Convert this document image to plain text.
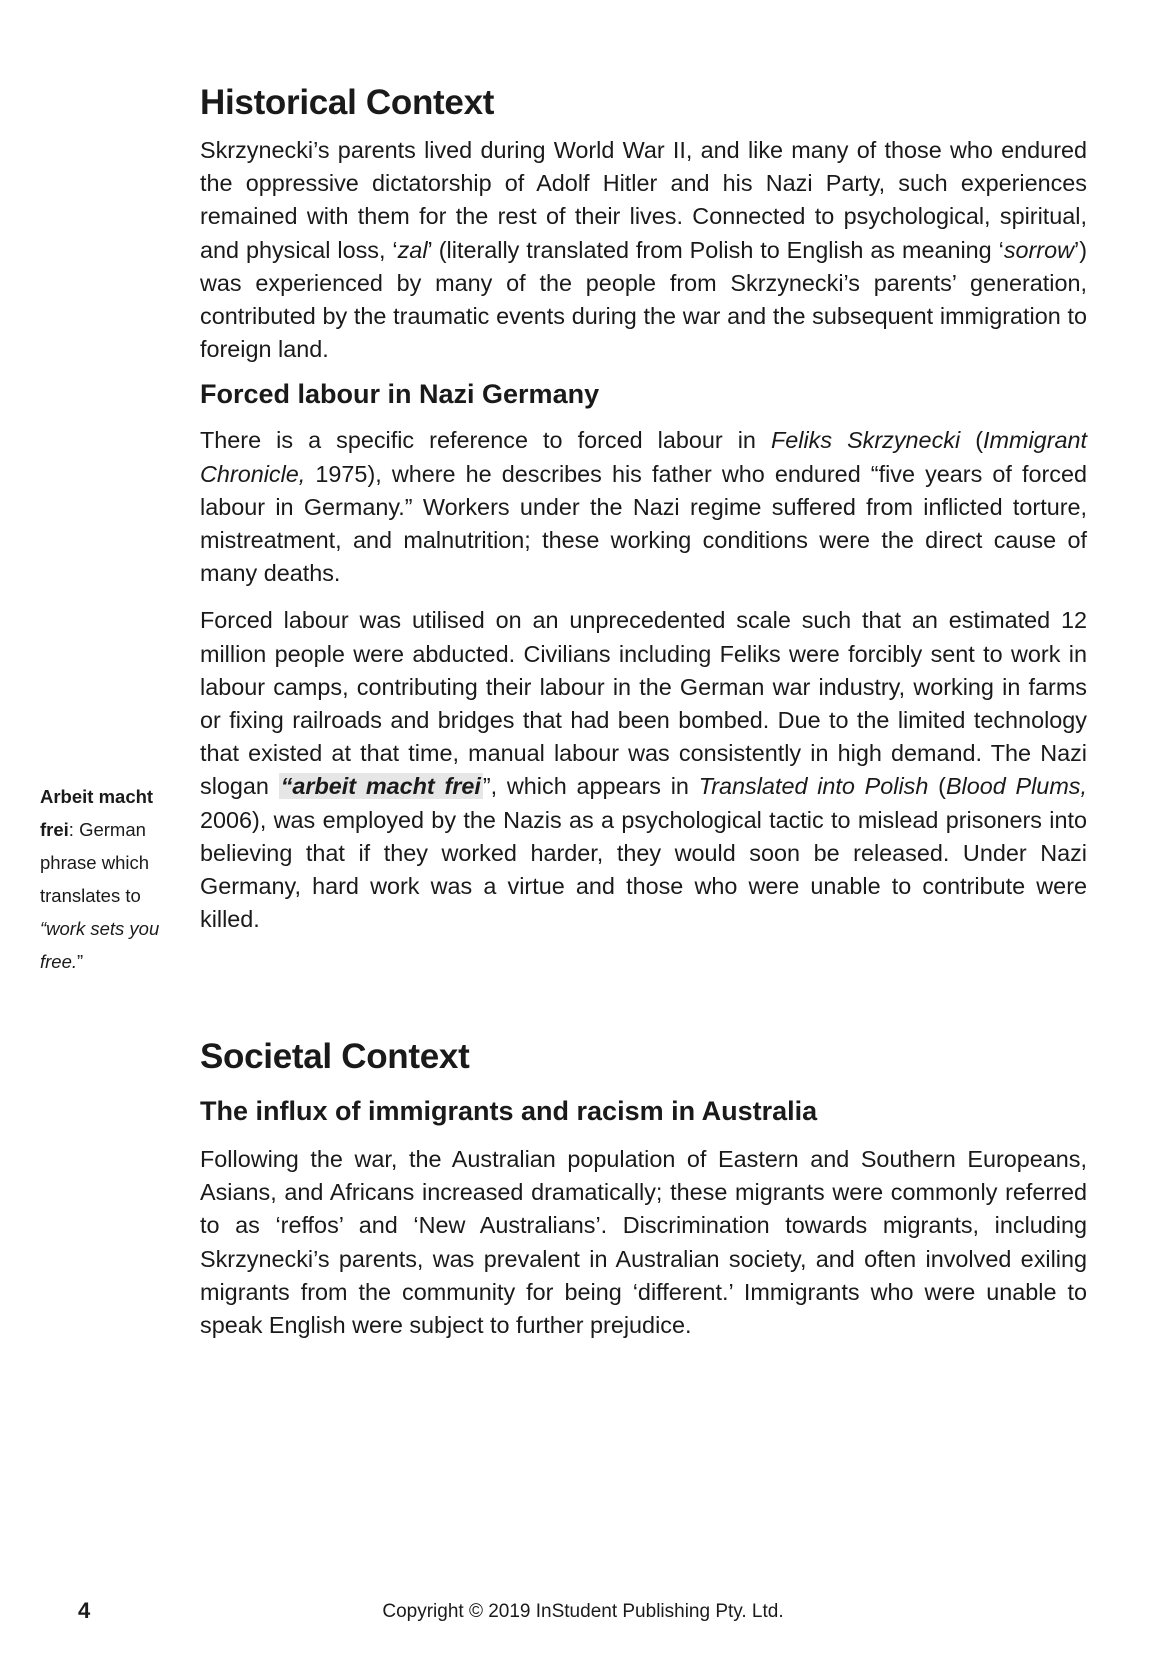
Historical Context

Skrzynecki’s parents lived during World War II, and like many of those who endured the oppressive dictatorship of Adolf Hitler and his Nazi Party, such experiences remained with them for the rest of their lives. Connected to psychological, spiritual, and physical loss, ‘zal’ (literally translated from Polish to English as meaning ‘sorrow’) was experienced by many of the people from Skrzynecki’s parents’ generation, contributed by the traumatic events during the war and the subsequent immigration to foreign land.

Forced labour in Nazi Germany

There is a specific reference to forced labour in Feliks Skrzynecki (Immigrant Chronicle, 1975), where he describes his father who endured “five years of forced labour in Germany.” Workers under the Nazi regime suffered from inflicted torture, mistreatment, and malnutrition; these working conditions were the direct cause of many deaths.

Forced labour was utilised on an unprecedented scale such that an estimated 12 million people were abducted. Civilians including Feliks were forcibly sent to work in labour camps, contributing their labour in the German war industry, working in farms or fixing railroads and bridges that had been bombed. Due to the limited technology that existed at that time, manual labour was consistently in high demand. The Nazi slogan “arbeit macht frei”, which appears in Translated into Polish (Blood Plums, 2006), was employed by the Nazis as a psychological tactic to mislead prisoners into believing that if they worked harder, they would soon be released. Under Nazi Germany, hard work was a virtue and those who were unable to contribute were killed.

Arbeit macht frei: German phrase which translates to “work sets you free.”
Societal Context
The influx of immigrants and racism in Australia

Following the war, the Australian population of Eastern and Southern Europeans, Asians, and Africans increased dramatically; these migrants were commonly referred to as ‘reffos’ and ‘New Australians’. Discrimination towards migrants, including Skrzynecki’s parents, was prevalent in Australian society, and often involved exiling migrants from the community for being ‘different.’ Immigrants who were unable to speak English were subject to further prejudice.

4	Copyright © 2019 InStudent Publishing Pty. Ltd.
